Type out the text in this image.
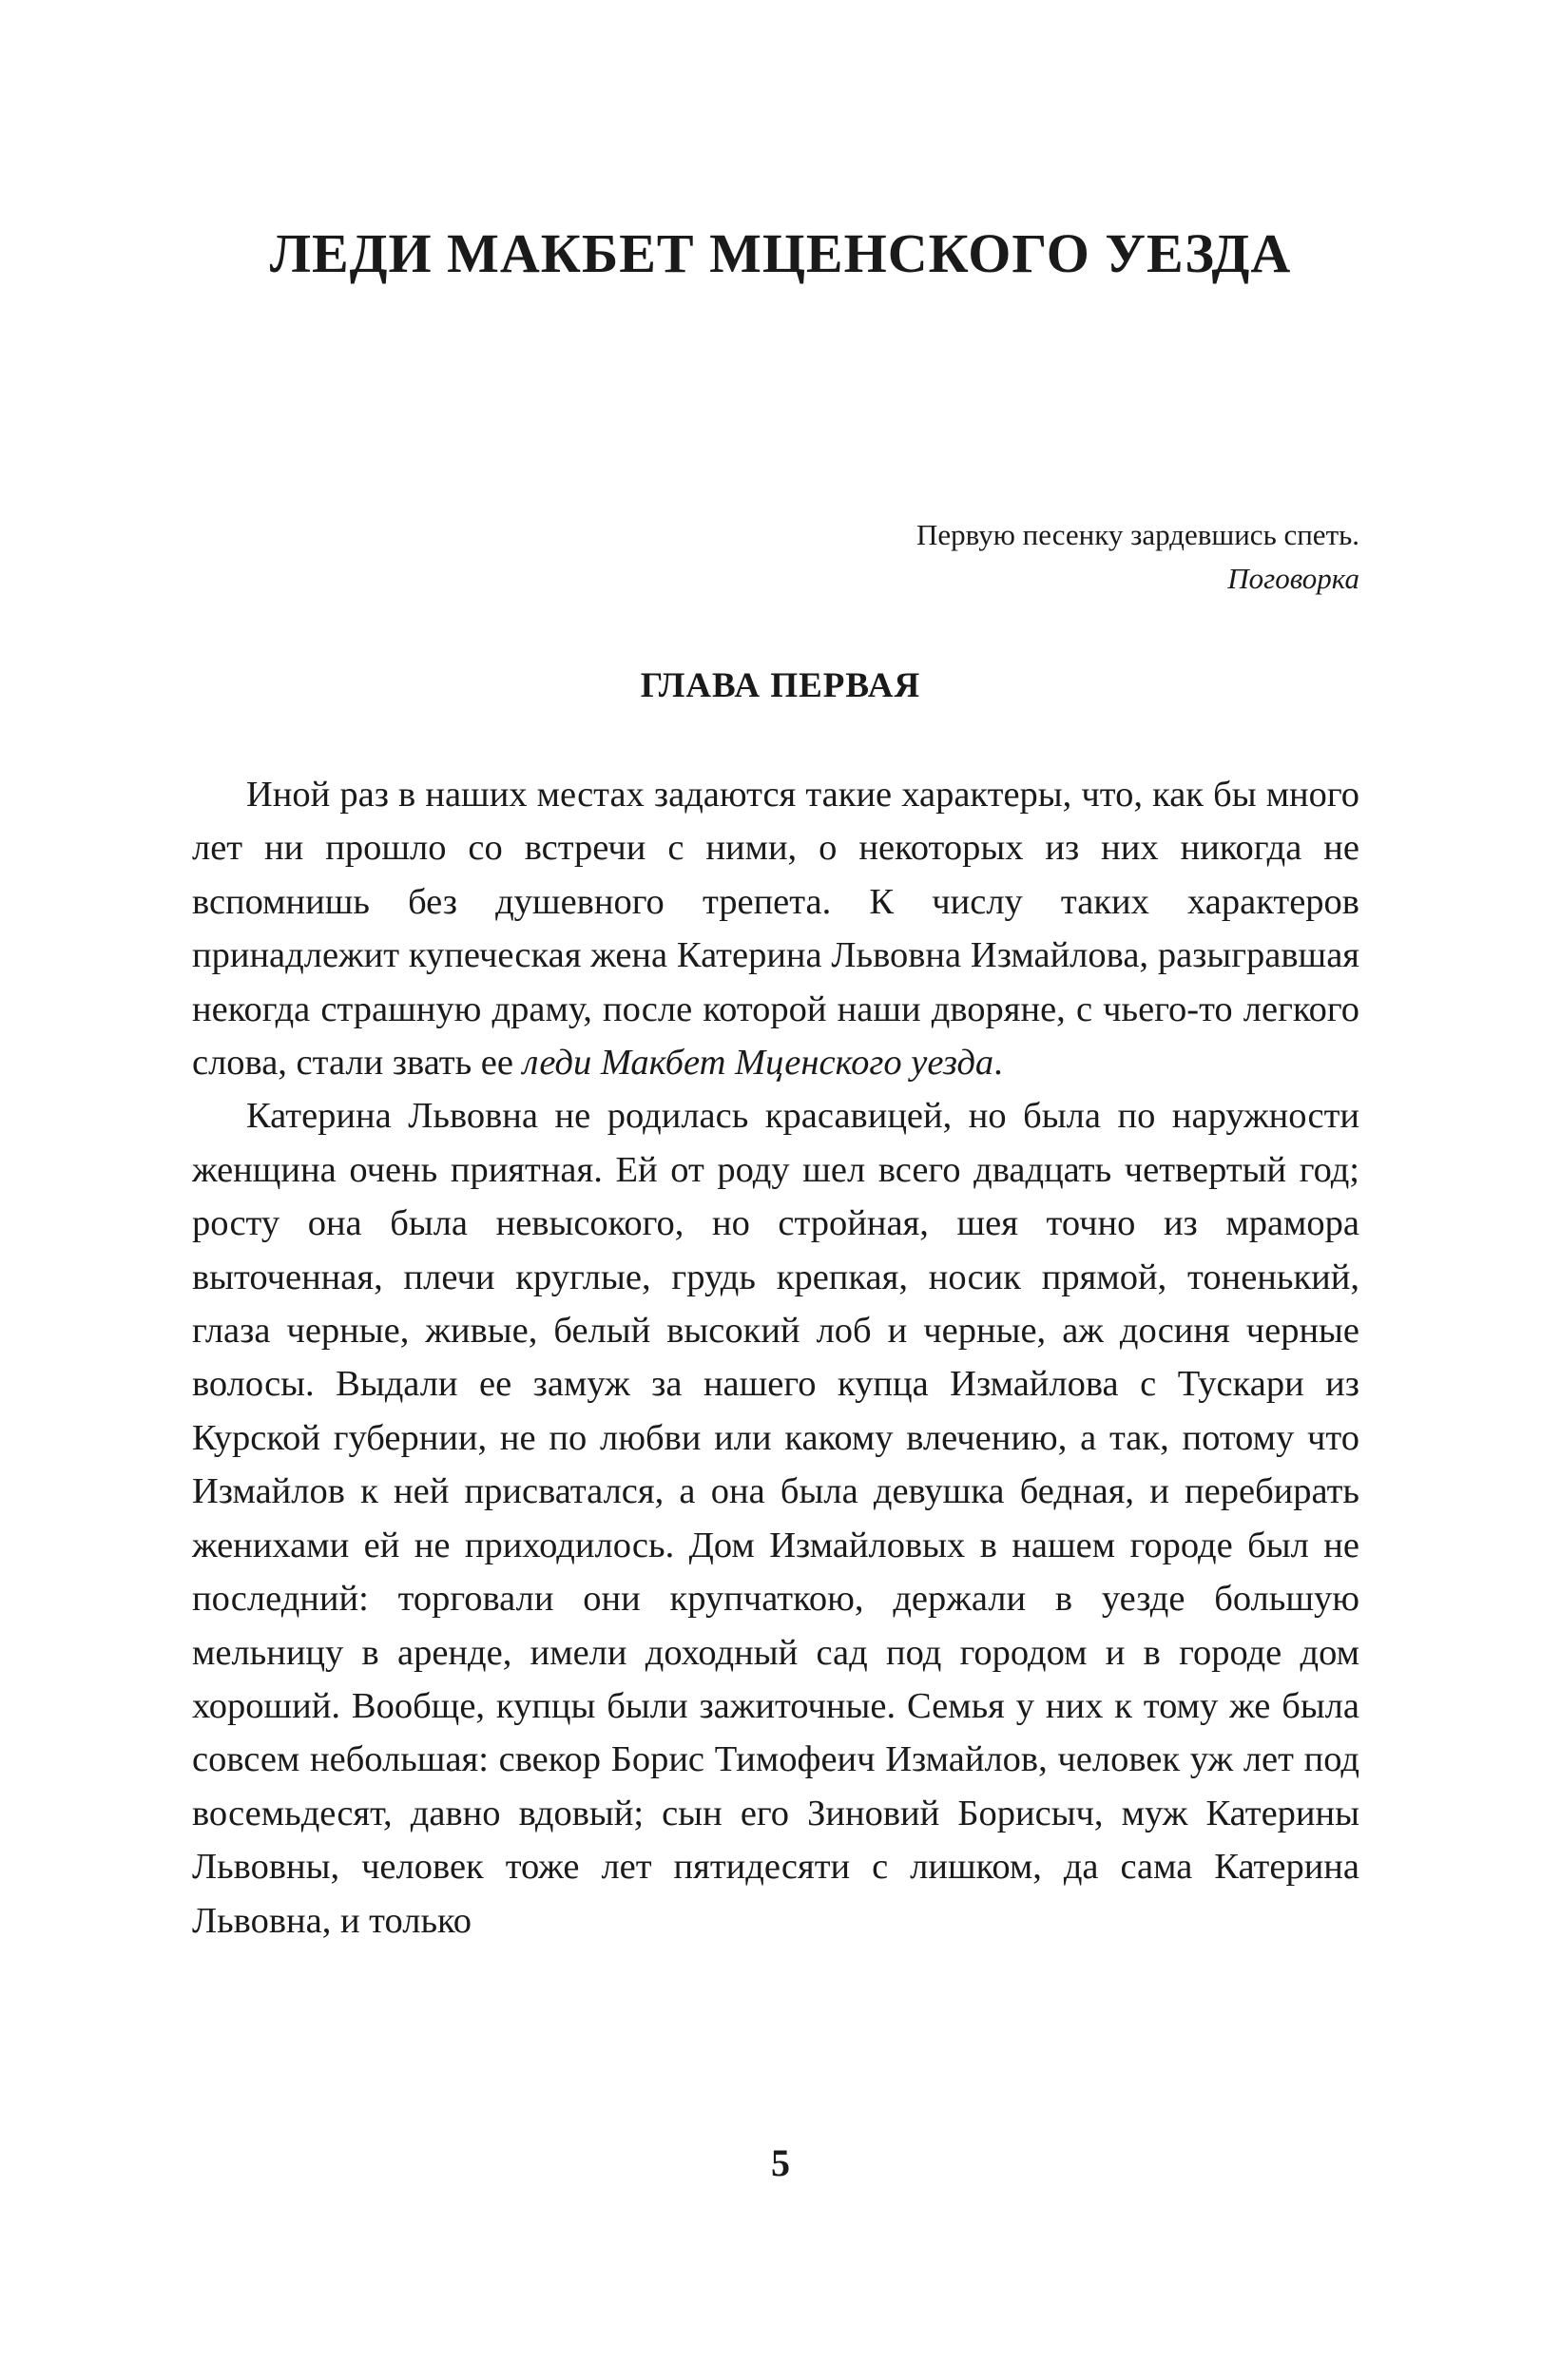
ЛЕДИ МАКБЕТ МЦЕНСКОГО УЕЗДА
Первую песенку зардевшись спеть.
Поговорка
ГЛАВА ПЕРВАЯ

Иной раз в наших местах задаются такие характеры, что, как бы много лет ни прошло со встречи с ними, о некоторых из них никогда не вспомнишь без душевного трепета. К числу таких характеров принадлежит купеческая жена Катерина Львовна Измайлова, разыгравшая некогда страшную драму, после которой наши дворяне, с чьего-то легкого слова, стали звать ее леди Макбет Мценского уезда.

Катерина Львовна не родилась красавицей, но была по наружности женщина очень приятная. Ей от роду шел всего двадцать четвертый год; росту она была невысокого, но стройная, шея точно из мрамора выточенная, плечи круглые, грудь крепкая, носик прямой, тоненький, глаза черные, живые, белый высокий лоб и черные, аж досиня черные волосы. Выдали ее замуж за нашего купца Измайлова с Тускари из Курской губернии, не по любви или какому влечению, а так, потому что Измайлов к ней присватался, а она была девушка бедная, и перебирать женихами ей не приходилось. Дом Измайловых в нашем городе был не последний: торговали они крупчаткою, держали в уезде большую мельницу в аренде, имели доходный сад под городом и в городе дом хороший. Вообще, купцы были зажиточные. Семья у них к тому же была совсем небольшая: свекор Борис Тимофеич Измайлов, человек уж лет под восемьдесят, давно вдовый; сын его Зиновий Борисыч, муж Катерины Львовны, человек тоже лет пятидесяти с лишком, да сама Катерина Львовна, и только

5
